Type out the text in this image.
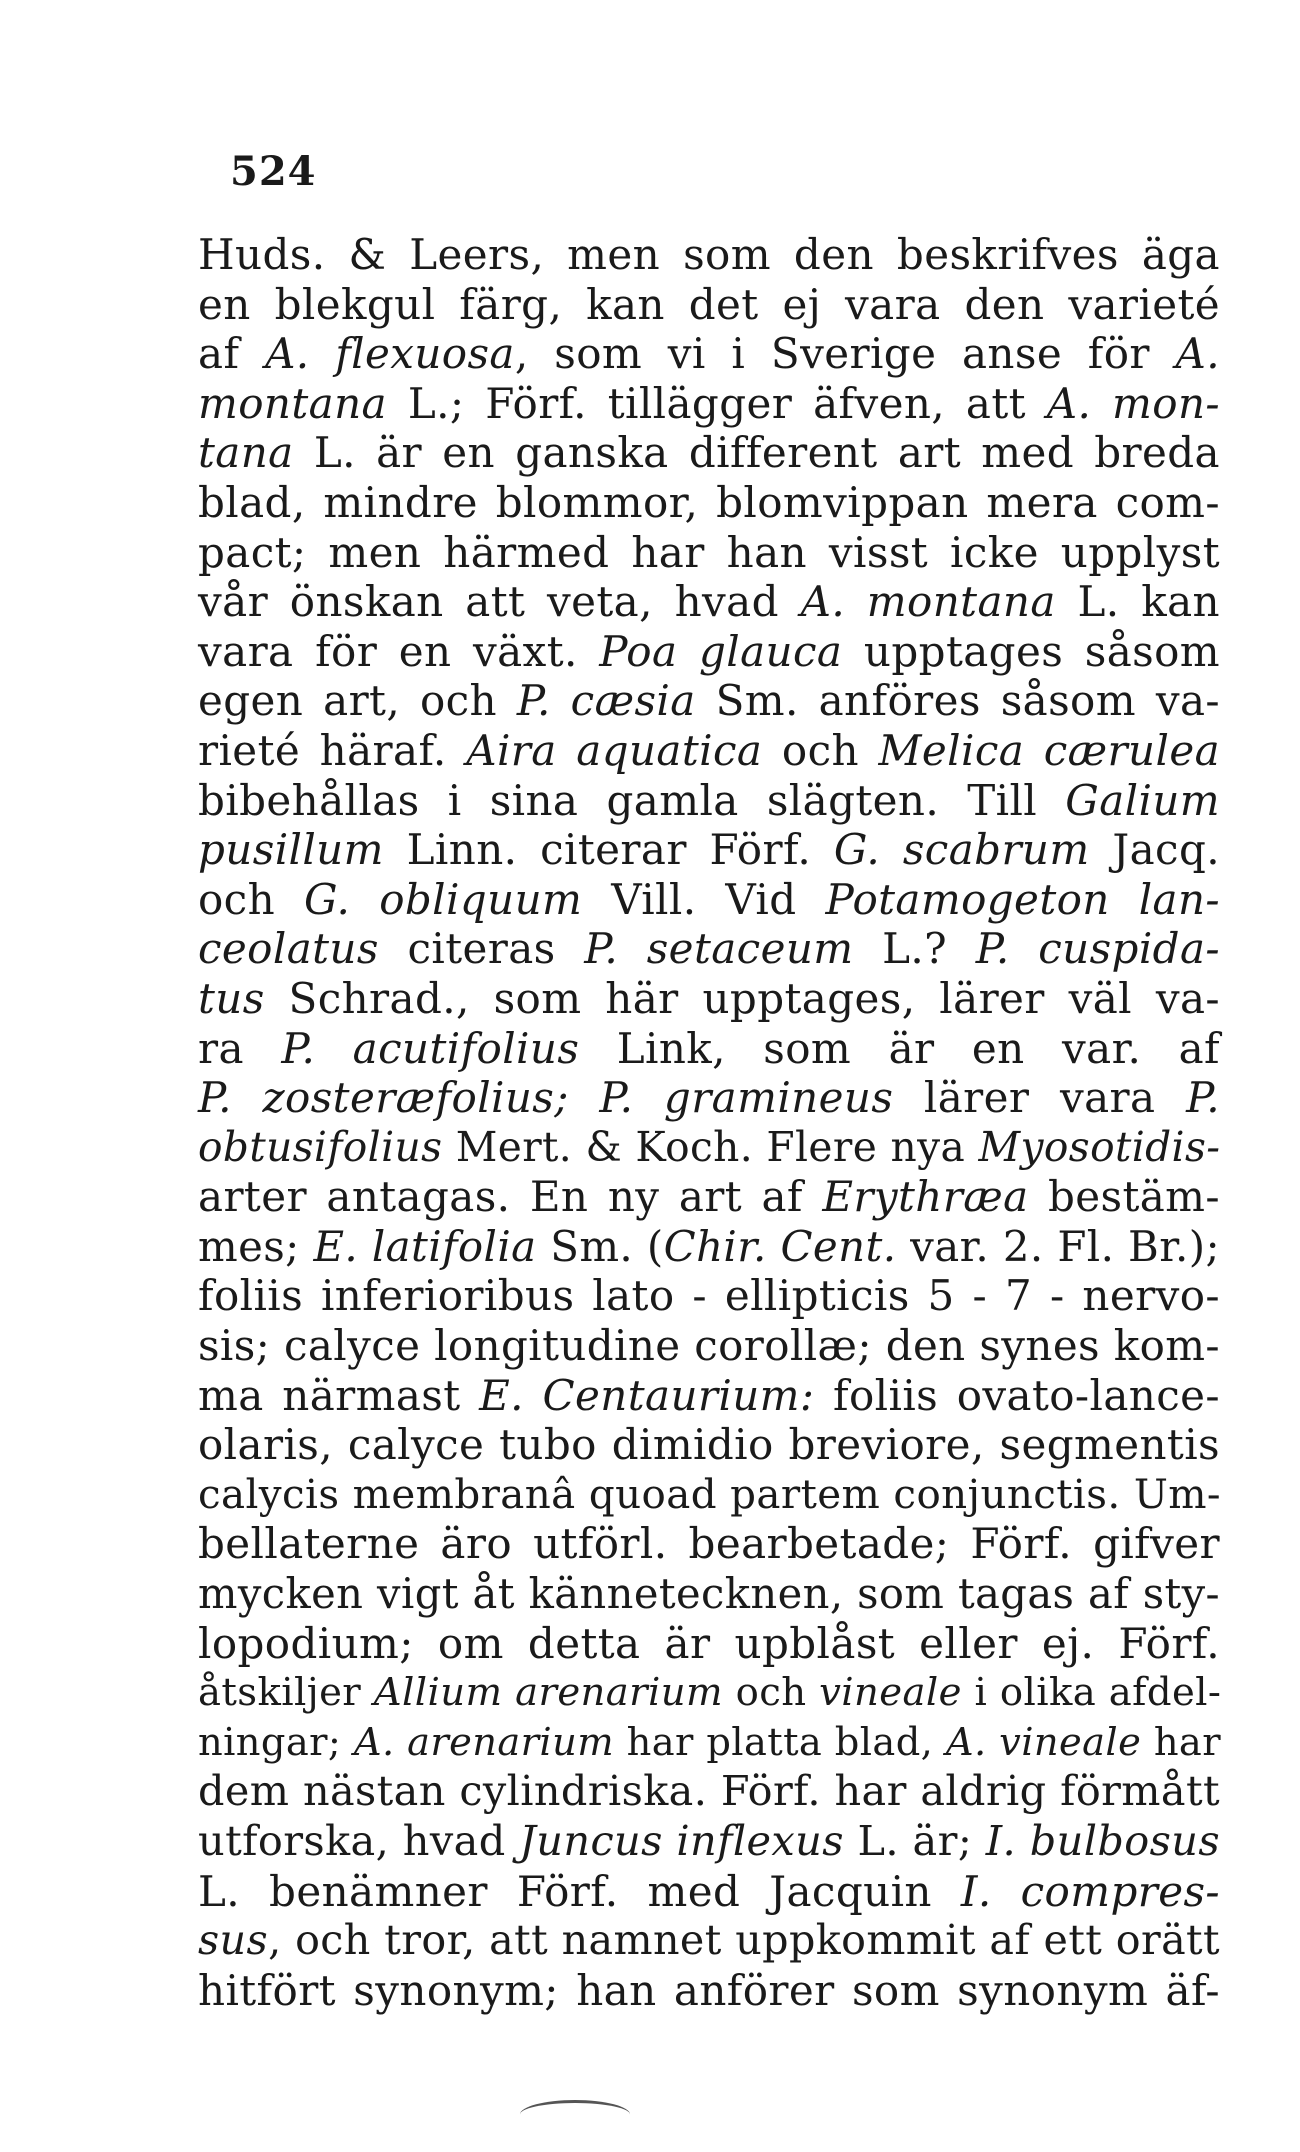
524
Huds. & Leers, men som den beskrifves äga
en blekgul färg, kan det ej vara den varieté
af A. flexuosa, som vi i Sverige anse för A.
montana L.; Förf. tillägger äfven, att A. mon-
tana L. är en ganska different art med breda
blad, mindre blommor, blomvippan mera com-
pact; men härmed har han visst icke upplyst
vår önskan att veta, hvad A. montana L. kan
vara för en växt. Poa glauca upptages såsom
egen art, och P. cæsia Sm. anföres såsom va-
rieté häraf. Aira aquatica och Melica cærulea
bibehållas i sina gamla slägten. Till Galium
pusillum Linn. citerar Förf. G. scabrum Jacq.
och G. obliquum Vill. Vid Potamogeton lan-
ceolatus citeras P. setaceum L.? P. cuspida-
tus Schrad., som här upptages, lärer väl va-
ra P. acutifolius Link, som är en var. af
P. zosteræfolius; P. gramineus lärer vara P.
obtusifolius Mert. & Koch. Flere nya Myosotidis-
arter antagas. En ny art af Erythræa bestäm-
mes; E. latifolia Sm. (Chir. Cent. var. 2. Fl. Br.);
foliis inferioribus lato - ellipticis 5 - 7 - nervo-
sis; calyce longitudine corollæ; den synes kom-
ma närmast E. Centaurium: foliis ovato-lance-
olaris, calyce tubo dimidio breviore, segmentis
calycis membranâ quoad partem conjunctis. Um-
bellaterne äro utförl. bearbetade; Förf. gifver
mycken vigt åt kännetecknen, som tagas af sty-
lopodium; om detta är upblåst eller ej. Förf.
åtskiljer Allium arenarium och vineale i olika afdel-
ningar; A. arenarium har platta blad, A. vineale har
dem nästan cylindriska. Förf. har aldrig förmått
utforska, hvad Juncus inflexus L. är; I. bulbosus
L. benämner Förf. med Jacquin I. compres-
sus, och tror, att namnet uppkommit af ett orätt
hitfört synonym; han anförer som synonym äf-
